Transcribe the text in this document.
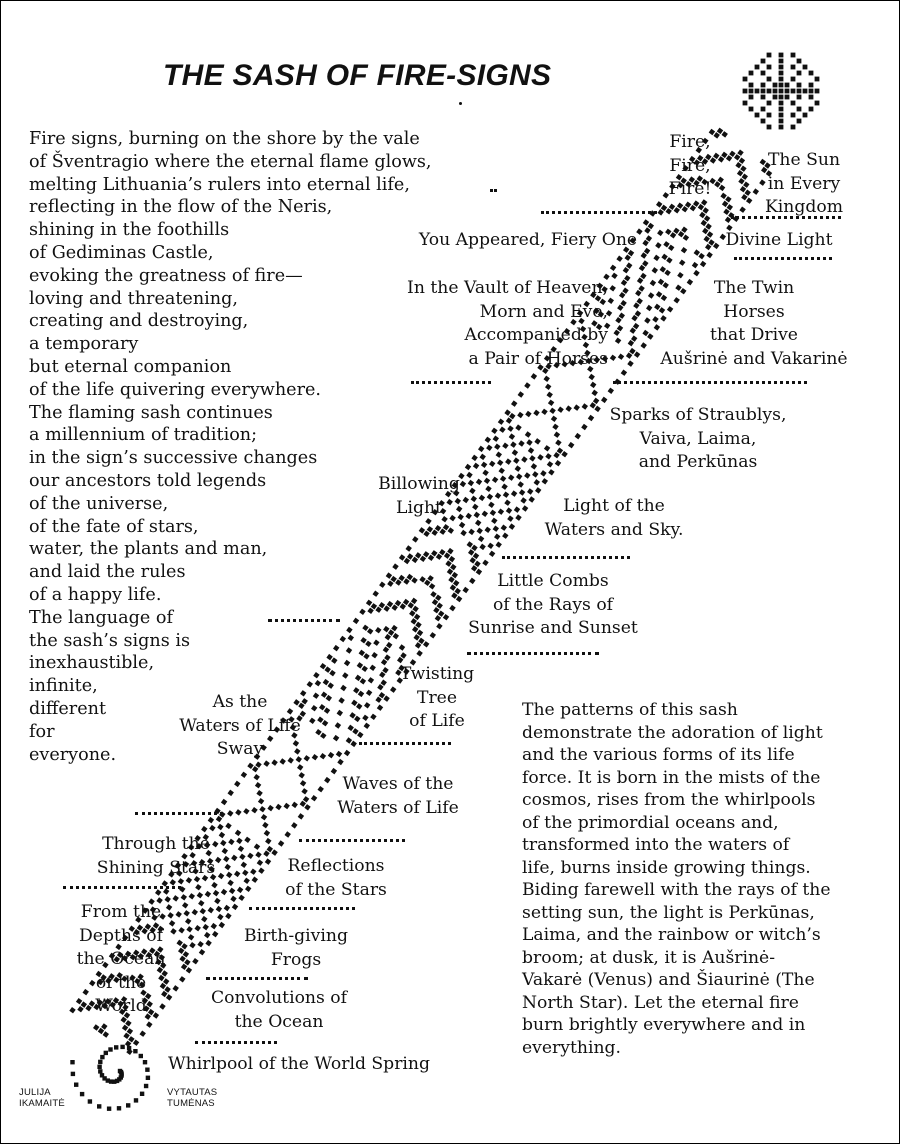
THE SASH OF FIRE-SIGNS
Fire signs, burning on the shore by the vale
of Šventragio where the eternal flame glows,
melting Lithuania’s rulers into eternal life,
reflecting in the flow of the Neris,
shining in the foothills
of Gediminas Castle,
evoking the greatness of fire—
loving and threatening,
creating and destroying,
a temporary
but eternal companion
of the life quivering everywhere.
The flaming sash continues
a millennium of tradition;
in the sign’s successive changes
our ancestors told legends
of the universe,
of the fate of stars,
water, the plants and man,
and laid the rules
of a happy life.
The language of
the sash’s signs is
inexhaustible,
infinite,
different
for
everyone.
Fire,
Fire,
Fire!
The Sun
in Every
Kingdom
You Appeared, Fiery One	Divine Light
In the Vault of Heaven,
Morn and Eve,
Accompanied by
a Pair of Horses
The Twin
Horses
that Drive
Aušrinė and Vakarinė
Sparks of Straublys,
Vaiva, Laima,
and Perkūnas
Billowing
Light	Light of the
Waters and Sky.
Little Combs
of the Rays of
Sunrise and Sunset
Twisting
Tree
of Life
As the
Waters of Life
Sway
Waves of the
Waters of Life
Through the
Shining Stars	Reflections
of the Stars
From the
Depths of
the Ocean
of the
World
Birth-giving
Frogs
Convolutions of
the Ocean
Whirlpool of the World Spring
The patterns of this sash
demonstrate the adoration of light
and the various forms of its life
force. It is born in the mists of the
cosmos, rises from the whirlpools
of the primordial oceans and,
transformed into the waters of
life, burns inside growing things.
Biding farewell with the rays of the
setting sun, the light is Perkūnas,
Laima, and the rainbow or witch’s
broom; at dusk, it is Aušrinė-
Vakarė (Venus) and Šiaurinė (The
North Star). Let the eternal fire
burn brightly everywhere and in
everything.
JULIJA
IKAMAITĖ
VYTAUTAS
TUMĖNAS
